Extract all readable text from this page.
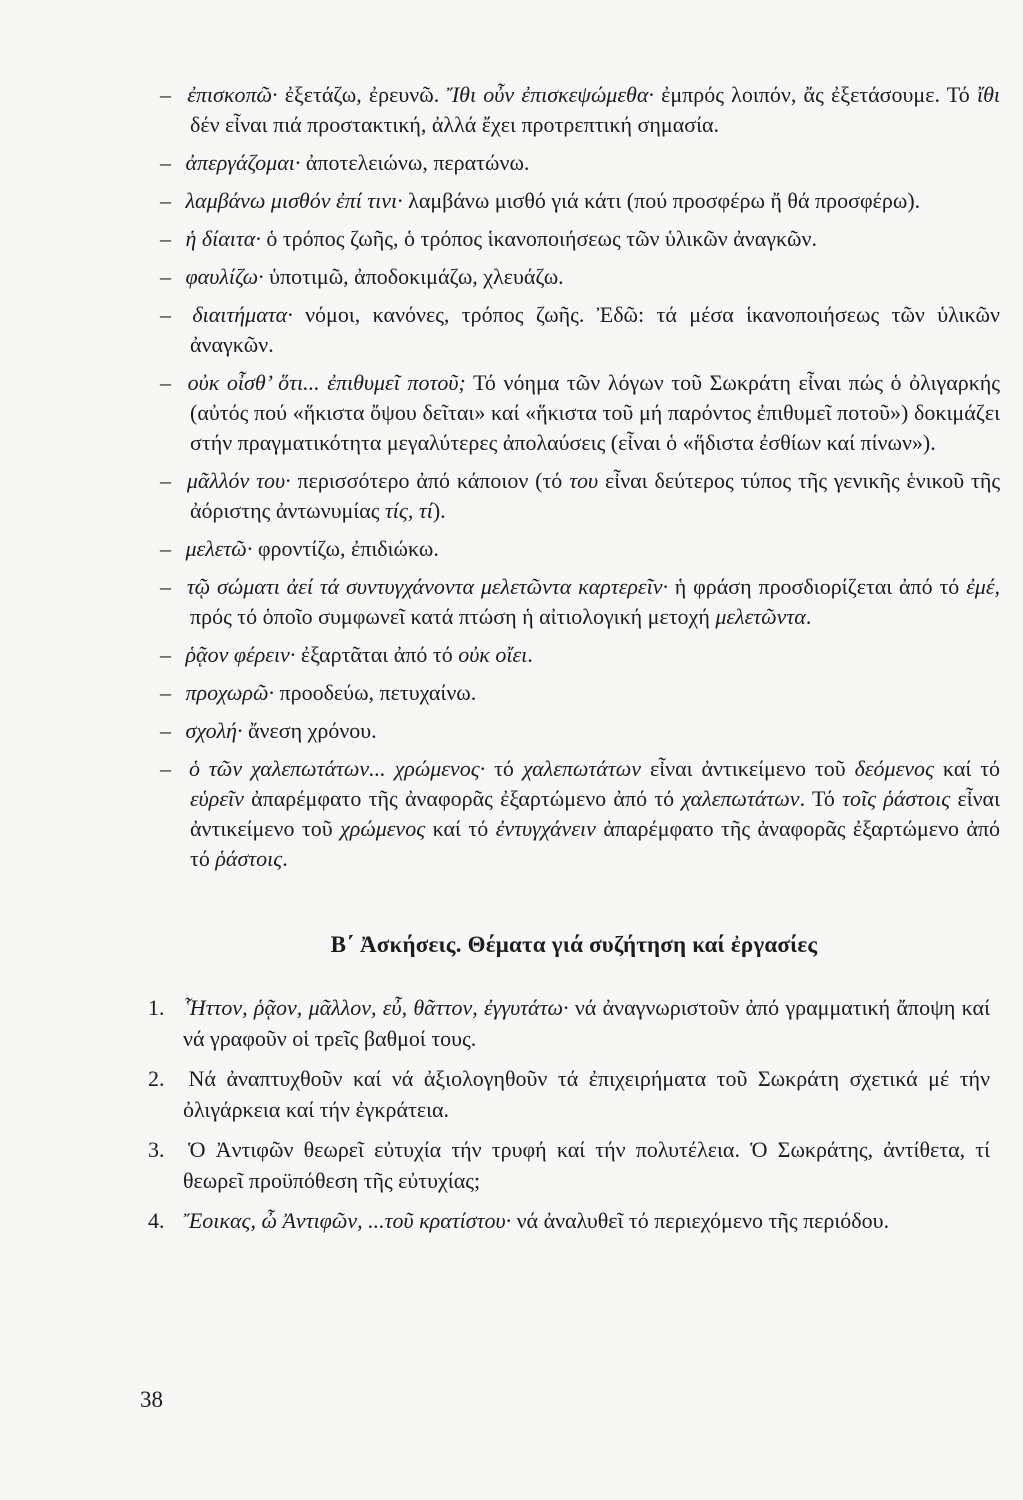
– ἐπισκοπῶ· ἐξετάζω, ἐρευνῶ. Ἴθι οὖν ἐπισκεψώμεθα· ἐμπρός λοιπόν, ἄς ἐξετάσουμε. Τό ἴθι δέν εἶναι πιά προστακτική, ἀλλά ἔχει προτρεπτική σημασία.
– ἀπεργάζομαι· ἀποτελειώνω, περατώνω.
– λαμβάνω μισθόν ἐπί τινι· λαμβάνω μισθό γιά κάτι (πού προσφέρω ἤ θά προσφέρω).
– ἡ δίαιτα· ὁ τρόπος ζωῆς, ὁ τρόπος ἱκανοποιήσεως τῶν ὑλικῶν ἀναγκῶν.
– φαυλίζω· ὑποτιμῶ, ἀποδοκιμάζω, χλευάζω.
– διαιτήματα· νόμοι, κανόνες, τρόπος ζωῆς. Ἐδῶ: τά μέσα ἱκανοποιήσεως τῶν ὑλικῶν ἀναγκῶν.
– οὐκ οἶσθ’ ὅτι... ἐπιθυμεῖ ποτοῦ; Τό νόημα τῶν λόγων τοῦ Σωκράτη εἶναι πώς ὁ ὀλιγαρκής (αὐτός πού «ἥκιστα ὄψου δεῖται» καί «ἥκιστα τοῦ μή παρόντος ἐπιθυμεῖ ποτοῦ») δοκιμάζει στήν πραγματικότητα μεγαλύτερες ἀπολαύσεις (εἶναι ὁ «ἥδιστα ἐσθίων καί πίνων»).
– μᾶλλόν του· περισσότερο ἀπό κάποιον (τό του εἶναι δεύτερος τύπος τῆς γενικῆς ἑνικοῦ τῆς ἀόριστης ἀντωνυμίας τίς, τί).
– μελετῶ· φροντίζω, ἐπιδιώκω.
– τῷ σώματι ἀεί τά συντυγχάνοντα μελετῶντα καρτερεῖν· ἡ φράση προσδιορίζεται ἀπό τό ἐμέ, πρός τό ὁποῖο συμφωνεῖ κατά πτώση ἡ αἰτιολογική μετοχή μελετῶντα.
– ῥᾷον φέρειν· ἐξαρτᾶται ἀπό τό οὐκ οἴει.
– προχωρῶ· προοδεύω, πετυχαίνω.
– σχολή· ἄνεση χρόνου.
– ὁ τῶν χαλεπωτάτων... χρώμενος· τό χαλεπωτάτων εἶναι ἀντικείμενο τοῦ δεόμενος καί τό εὑρεῖν ἀπαρέμφατο τῆς ἀναφορᾶς ἐξαρτώμενο ἀπό τό χαλεπωτάτων. Τό τοῖς ῥάστοις εἶναι ἀντικείμενο τοῦ χρώμενος καί τό ἐντυγχάνειν ἀπαρέμφατο τῆς ἀναφορᾶς ἐξαρτώμενο ἀπό τό ῥάστοις.
Β΄ Ἀσκήσεις. Θέματα γιά συζήτηση καί ἐργασίες
1. Ἧττον, ῥᾷον, μᾶλλον, εὖ, θᾶττον, ἐγγυτάτω· νά ἀναγνωριστοῦν ἀπό γραμματική ἄποψη καί νά γραφοῦν οἱ τρεῖς βαθμοί τους.
2. Νά ἀναπτυχθοῦν καί νά ἀξιολογηθοῦν τά ἐπιχειρήματα τοῦ Σωκράτη σχετικά μέ τήν ὀλιγάρκεια καί τήν ἐγκράτεια.
3. Ὁ Ἀντιφῶν θεωρεῖ εὐτυχία τήν τρυφή καί τήν πολυτέλεια. Ὁ Σωκράτης, ἀντίθετα, τί θεωρεῖ προϋπόθεση τῆς εὐτυχίας;
4. Ἔοικας, ὦ Ἀντιφῶν, ...τοῦ κρατίστου· νά ἀναλυθεῖ τό περιεχόμενο τῆς περιόδου.
38
